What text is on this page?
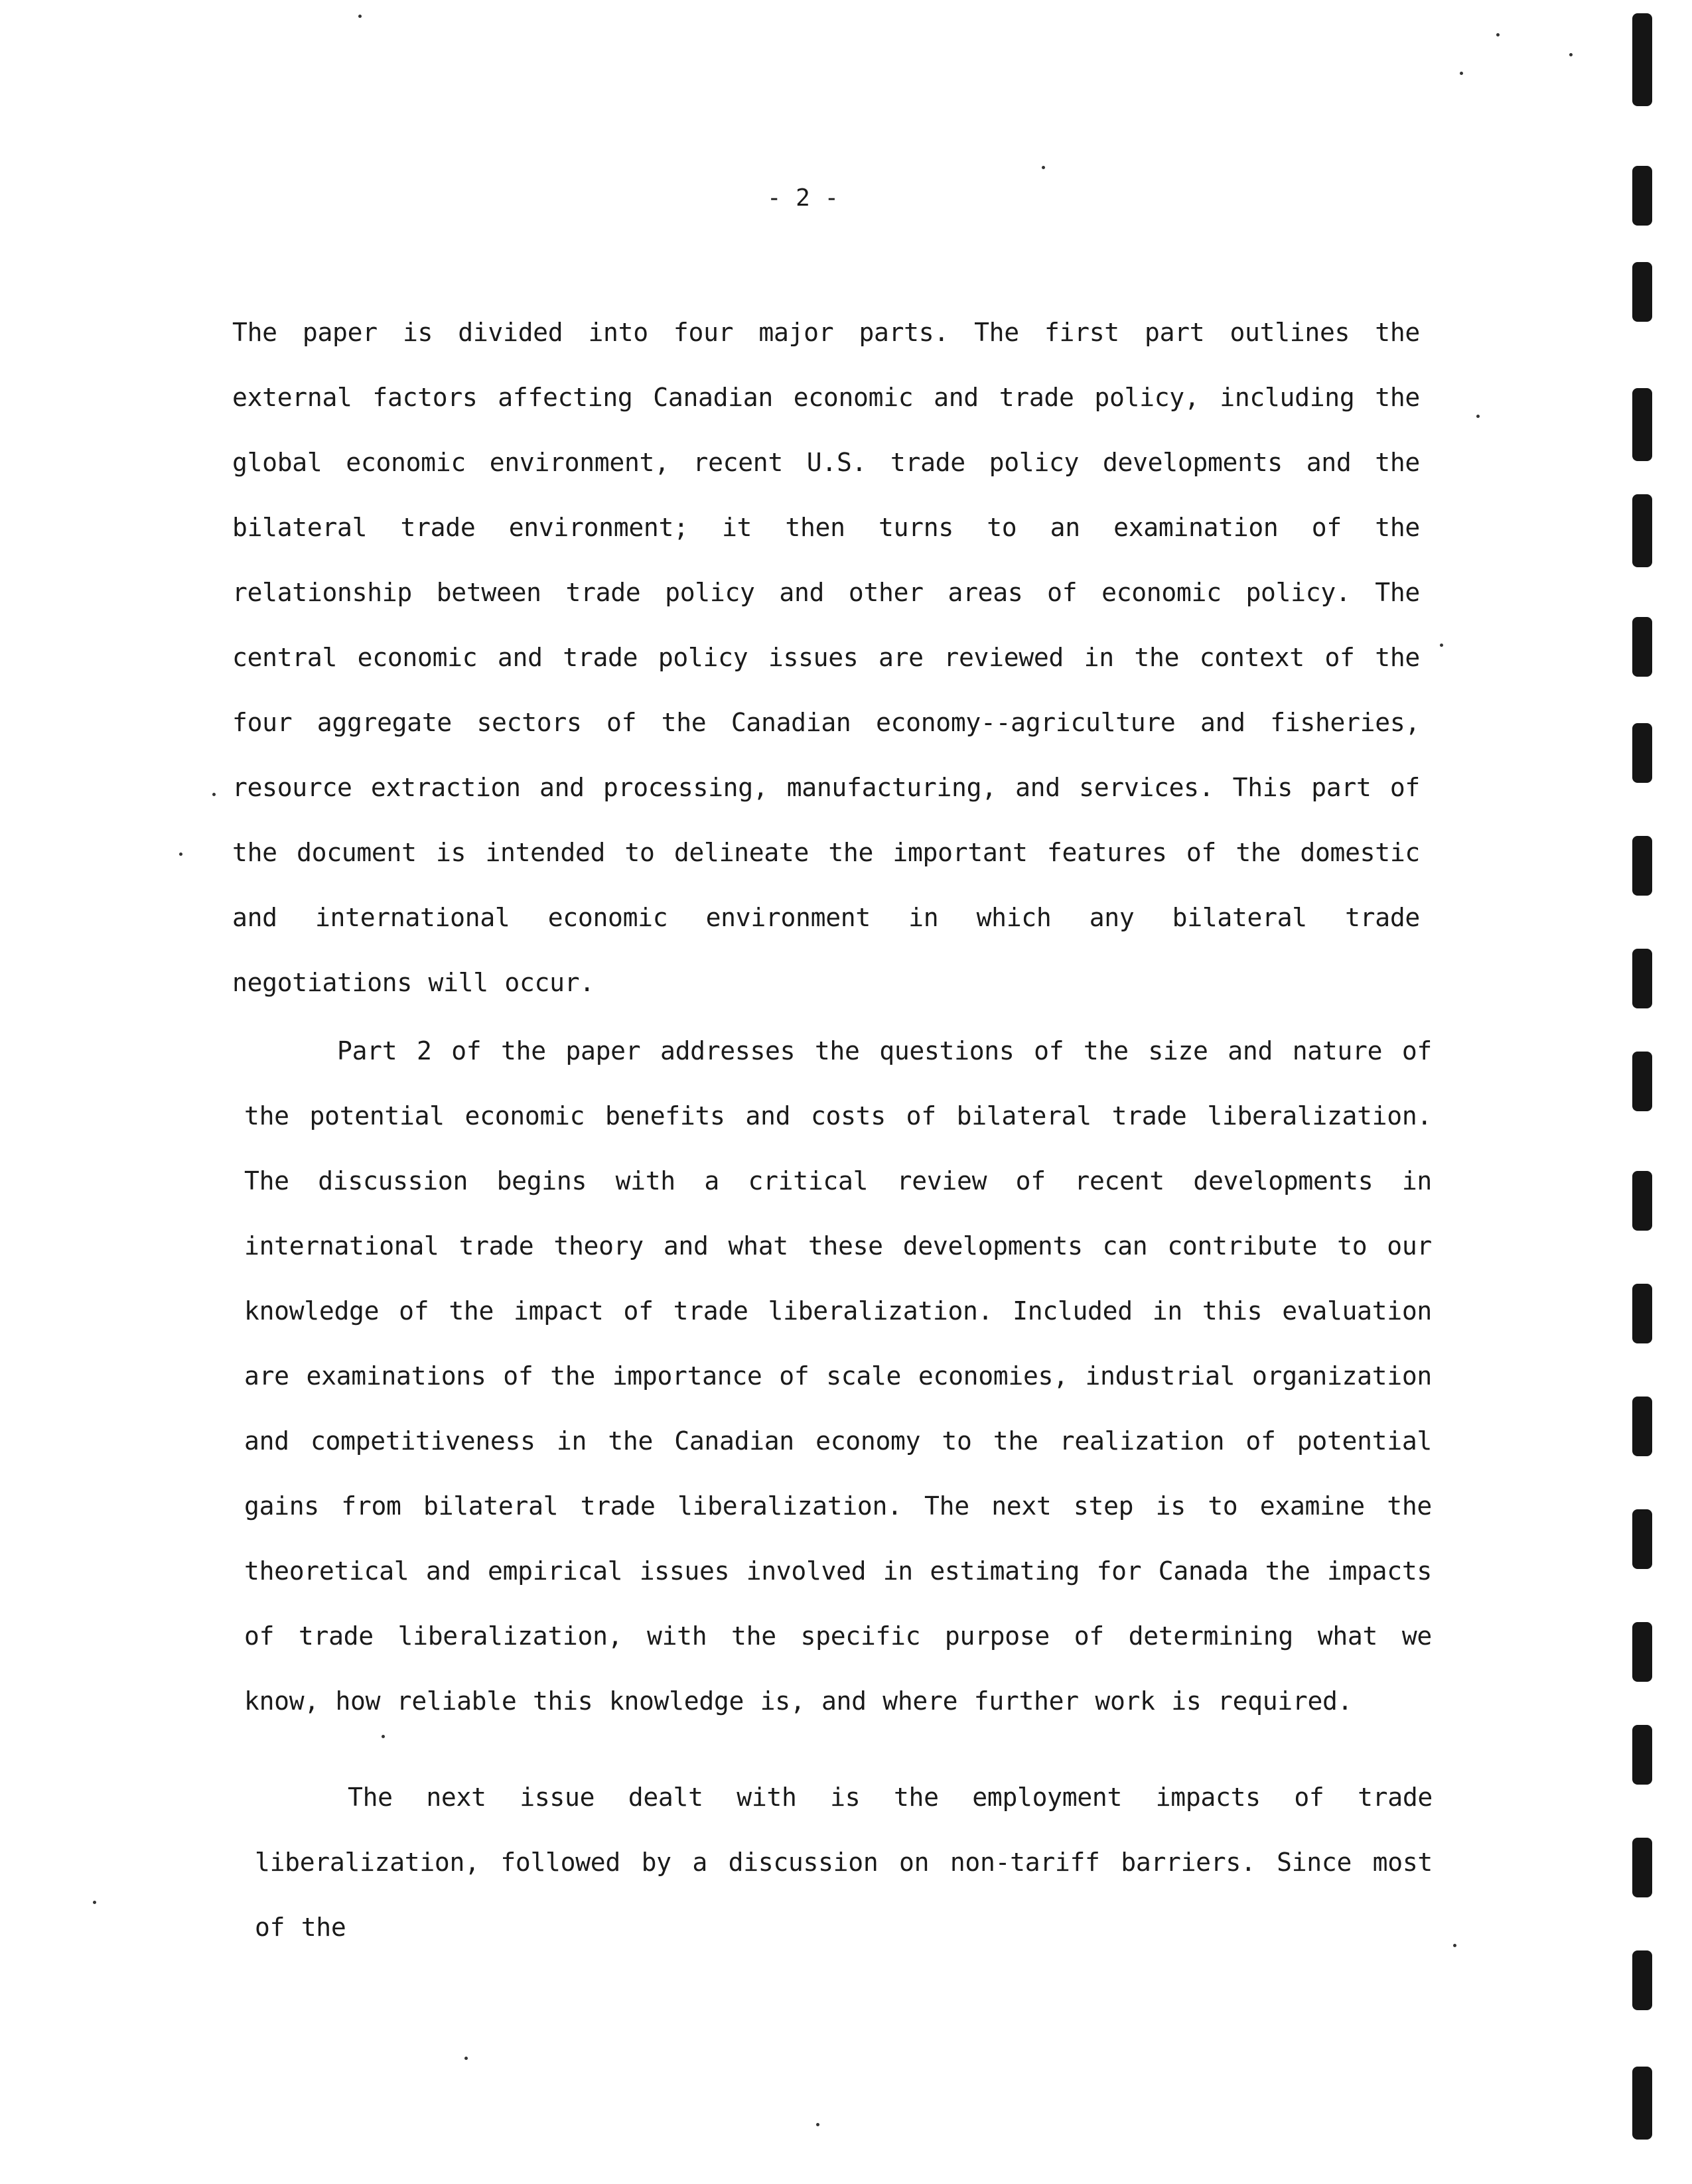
- 2 -
The paper is divided into four major parts. The first part outlines the external factors affecting Canadian economic and trade policy, including the global economic environment, recent U.S. trade policy developments and the bilateral trade environment; it then turns to an examination of the relationship between trade policy and other areas of economic policy. The central economic and trade policy issues are reviewed in the context of the four aggregate sectors of the Canadian economy--agriculture and fisheries, resource extraction and processing, manufacturing, and services. This part of the document is intended to delineate the important features of the domestic and international economic environment in which any bilateral trade negotiations will occur.
Part 2 of the paper addresses the questions of the size and nature of the potential economic benefits and costs of bilateral trade liberalization. The discussion begins with a critical review of recent developments in international trade theory and what these developments can contribute to our knowledge of the impact of trade liberalization. Included in this evaluation are examinations of the importance of scale economies, industrial organization and competitiveness in the Canadian economy to the realization of potential gains from bilateral trade liberalization. The next step is to examine the theoretical and empirical issues involved in estimating for Canada the impacts of trade liberalization, with the specific purpose of determining what we know, how reliable this knowledge is, and where further work is required.
The next issue dealt with is the employment impacts of trade liberalization, followed by a discussion on non-tariff barriers. Since most of the
